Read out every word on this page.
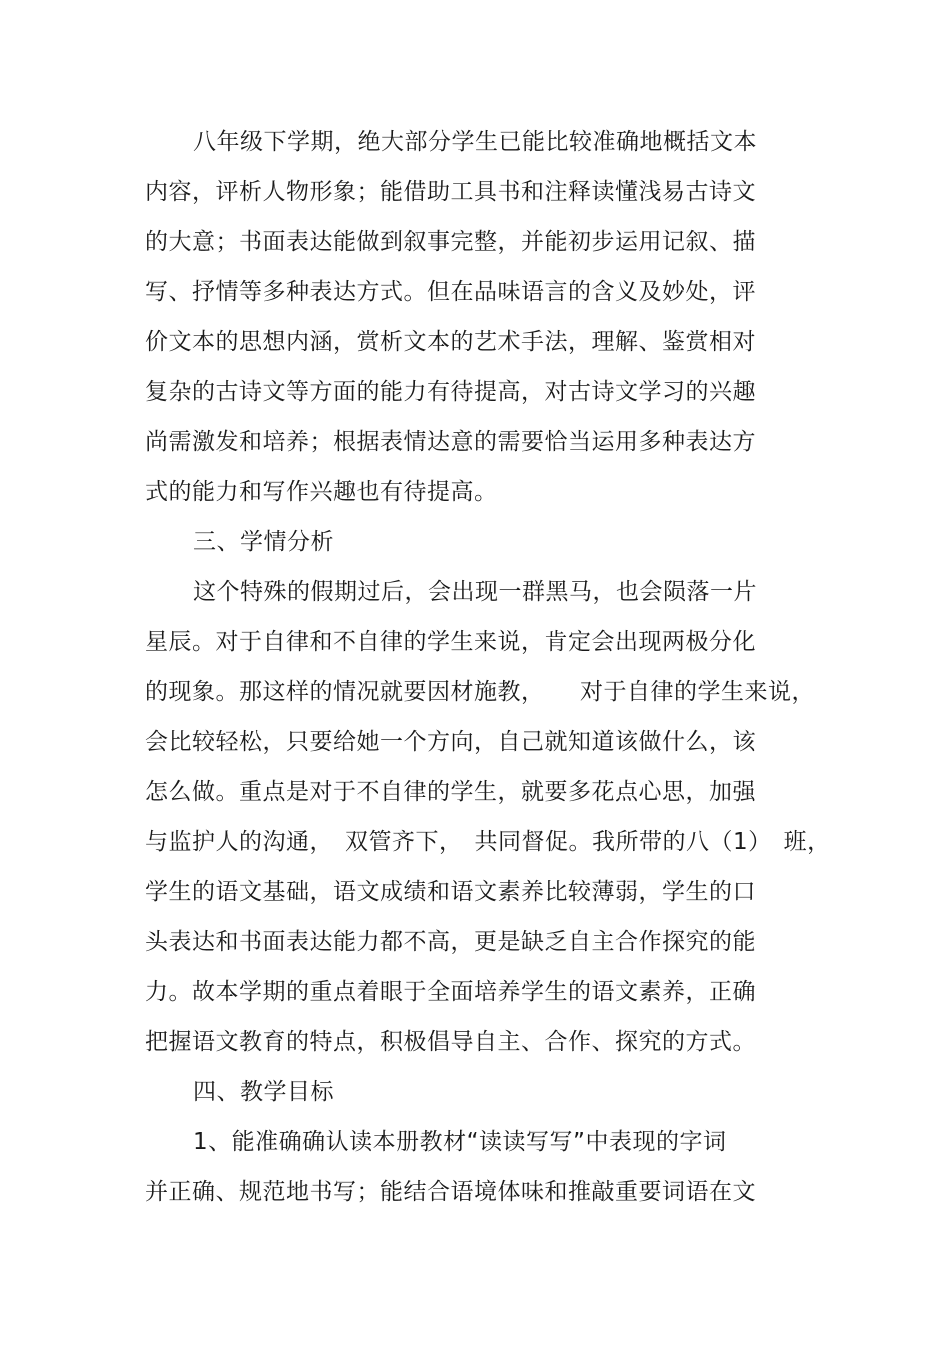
八年级下学期，绝大部分学生已能比较准确地概括文本
内容，评析人物形象；能借助工具书和注释读懂浅易古诗文
的大意；书面表达能做到叙事完整，并能初步运用记叙、描
写、抒情等多种表达方式。但在品味语言的含义及妙处，评
价文本的思想内涵，赏析文本的艺术手法，理解、鉴赏相对
复杂的古诗文等方面的能力有待提高，对古诗文学习的兴趣
尚需激发和培养；根据表情达意的需要恰当运用多种表达方
式的能力和写作兴趣也有待提高。
三、学情分析
这个特殊的假期过后，会出现一群黑马，也会陨落一片
星辰。对于自律和不自律的学生来说，肯定会出现两极分化
的现象。那这样的情况就要因材施教，　　对于自律的学生来说，
会比较轻松，只要给她一个方向，自己就知道该做什么，该
怎么做。重点是对于不自律的学生，就要多花点心思，加强
与监护人的沟通，　双管齐下，　共同督促。我所带的八（1）　班，
学生的语文基础，语文成绩和语文素养比较薄弱，学生的口
头表达和书面表达能力都不高，更是缺乏自主合作探究的能
力。故本学期的重点着眼于全面培养学生的语文素养，正确
把握语文教育的特点，积极倡导自主、合作、探究的方式。
四、教学目标
1、能准确确认读本册教材“读读写写”中表现的字词
并正确、规范地书写；能结合语境体味和推敲重要词语在文
